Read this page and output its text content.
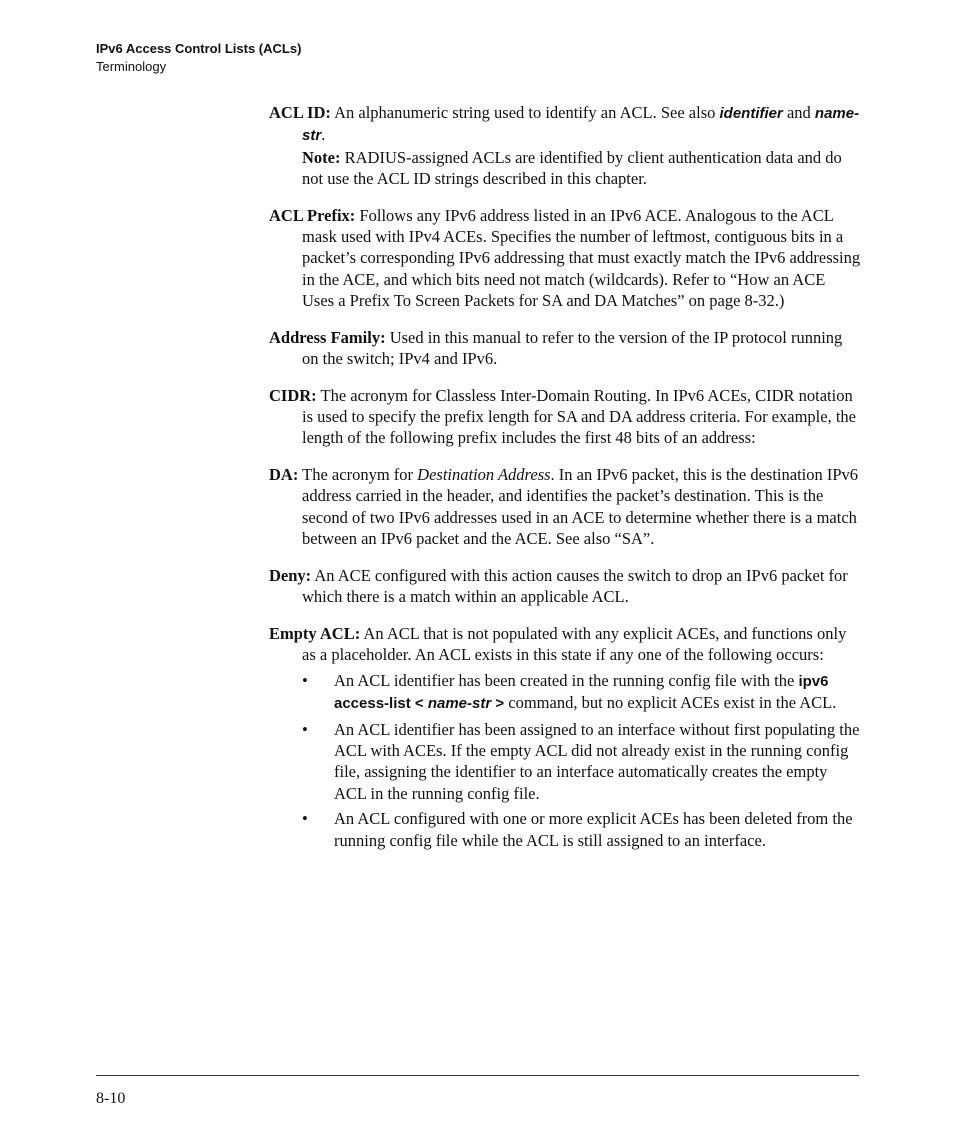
IPv6 Access Control Lists (ACLs)
Terminology
ACL ID: An alphanumeric string used to identify an ACL. See also identifier and name-str.
Note: RADIUS-assigned ACLs are identified by client authentication data and do not use the ACL ID strings described in this chapter.
ACL Prefix: Follows any IPv6 address listed in an IPv6 ACE. Analogous to the ACL mask used with IPv4 ACEs. Specifies the number of leftmost, contiguous bits in a packet’s corresponding IPv6 addressing that must exactly match the IPv6 addressing in the ACE, and which bits need not match (wildcards). Refer to “How an ACE Uses a Prefix To Screen Packets for SA and DA Matches” on page 8-32.)
Address Family: Used in this manual to refer to the version of the IP protocol running on the switch; IPv4 and IPv6.
CIDR: The acronym for Classless Inter-Domain Routing. In IPv6 ACEs, CIDR notation is used to specify the prefix length for SA and DA address criteria. For example, the length of the following prefix includes the first 48 bits of an address:
DA: The acronym for Destination Address. In an IPv6 packet, this is the destination IPv6 address carried in the header, and identifies the packet’s destination. This is the second of two IPv6 addresses used in an ACE to determine whether there is a match between an IPv6 packet and the ACE. See also “SA”.
Deny: An ACE configured with this action causes the switch to drop an IPv6 packet for which there is a match within an applicable ACL.
Empty ACL: An ACL that is not populated with any explicit ACEs, and functions only as a placeholder. An ACL exists in this state if any one of the following occurs:
• An ACL identifier has been created in the running config file with the ipv6 access-list < name-str > command, but no explicit ACEs exist in the ACL.
• An ACL identifier has been assigned to an interface without first populating the ACL with ACEs. If the empty ACL did not already exist in the running config file, assigning the identifier to an interface automatically creates the empty ACL in the running config file.
• An ACL configured with one or more explicit ACEs has been deleted from the running config file while the ACL is still assigned to an interface.
8-10
